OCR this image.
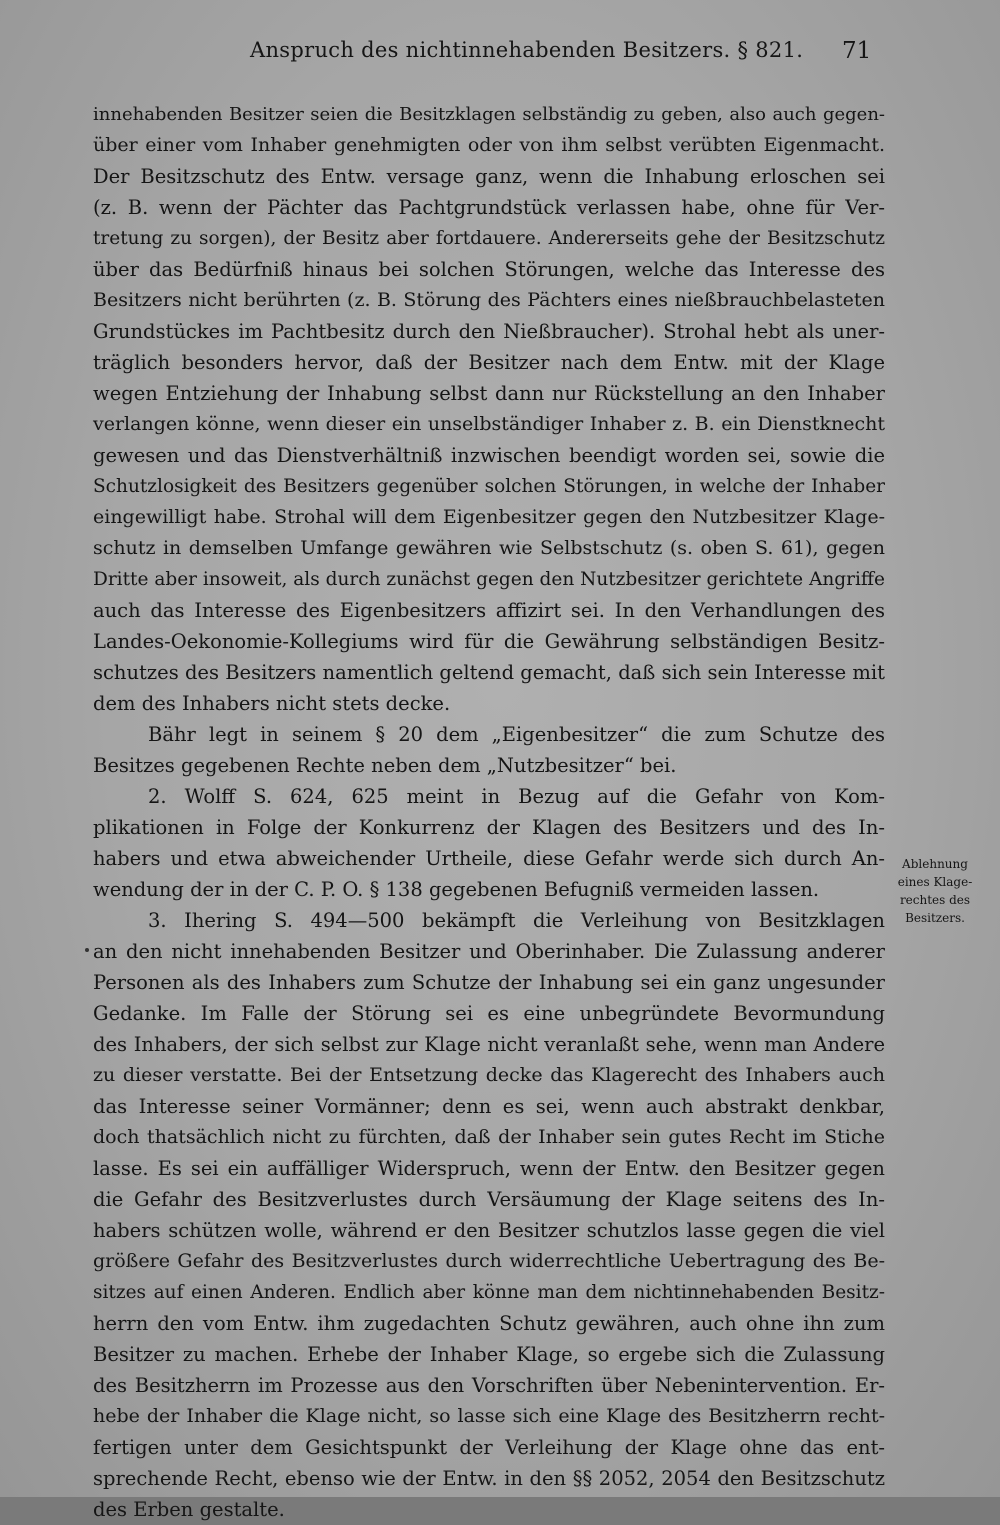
Anspruch des nichtinnehabenden Besitzers. § 821. 71
innehabenden Besitzer seien die Besitzklagen selbständig zu geben, also auch gegen-
über einer vom Inhaber genehmigten oder von ihm selbst verübten Eigenmacht.
Der Besitzschutz des Entw. versage ganz, wenn die Inhabung erloschen sei
(z. B. wenn der Pächter das Pachtgrundstück verlassen habe, ohne für Ver-
tretung zu sorgen), der Besitz aber fortdauere. Andererseits gehe der Besitzschutz
über das Bedürfniß hinaus bei solchen Störungen, welche das Interesse des
Besitzers nicht berührten (z. B. Störung des Pächters eines nießbrauchbelasteten
Grundstückes im Pachtbesitz durch den Nießbraucher). Strohal hebt als uner-
träglich besonders hervor, daß der Besitzer nach dem Entw. mit der Klage
wegen Entziehung der Inhabung selbst dann nur Rückstellung an den Inhaber
verlangen könne, wenn dieser ein unselbständiger Inhaber z. B. ein Dienstknecht
gewesen und das Dienstverhältniß inzwischen beendigt worden sei, sowie die
Schutzlosigkeit des Besitzers gegenüber solchen Störungen, in welche der Inhaber
eingewilligt habe. Strohal will dem Eigenbesitzer gegen den Nutzbesitzer Klage-
schutz in demselben Umfange gewähren wie Selbstschutz (s. oben S. 61), gegen
Dritte aber insoweit, als durch zunächst gegen den Nutzbesitzer gerichtete Angriffe
auch das Interesse des Eigenbesitzers affizirt sei. In den Verhandlungen des
Landes-Oekonomie-Kollegiums wird für die Gewährung selbständigen Besitz-
schutzes des Besitzers namentlich geltend gemacht, daß sich sein Interesse mit
dem des Inhabers nicht stets decke.
Bähr legt in seinem § 20 dem „Eigenbesitzer“ die zum Schutze des
Besitzes gegebenen Rechte neben dem „Nutzbesitzer“ bei.
2. Wolff S. 624, 625 meint in Bezug auf die Gefahr von Kom-
plikationen in Folge der Konkurrenz der Klagen des Besitzers und des In-
habers und etwa abweichender Urtheile, diese Gefahr werde sich durch An-
wendung der in der C. P. O. § 138 gegebenen Befugniß vermeiden lassen.
3. Ihering S. 494—500 bekämpft die Verleihung von Besitzklagen
an den nicht innehabenden Besitzer und Oberinhaber. Die Zulassung anderer
Personen als des Inhabers zum Schutze der Inhabung sei ein ganz ungesunder
Gedanke. Im Falle der Störung sei es eine unbegründete Bevormundung
des Inhabers, der sich selbst zur Klage nicht veranlaßt sehe, wenn man Andere
zu dieser verstatte. Bei der Entsetzung decke das Klagerecht des Inhabers auch
das Interesse seiner Vormänner; denn es sei, wenn auch abstrakt denkbar,
doch thatsächlich nicht zu fürchten, daß der Inhaber sein gutes Recht im Stiche
lasse. Es sei ein auffälliger Widerspruch, wenn der Entw. den Besitzer gegen
die Gefahr des Besitzverlustes durch Versäumung der Klage seitens des In-
habers schützen wolle, während er den Besitzer schutzlos lasse gegen die viel
größere Gefahr des Besitzverlustes durch widerrechtliche Uebertragung des Be-
sitzes auf einen Anderen. Endlich aber könne man dem nichtinnehabenden Besitz-
herrn den vom Entw. ihm zugedachten Schutz gewähren, auch ohne ihn zum
Besitzer zu machen. Erhebe der Inhaber Klage, so ergebe sich die Zulassung
des Besitzherrn im Prozesse aus den Vorschriften über Nebenintervention. Er-
hebe der Inhaber die Klage nicht, so lasse sich eine Klage des Besitzherrn recht-
fertigen unter dem Gesichtspunkt der Verleihung der Klage ohne das ent-
sprechende Recht, ebenso wie der Entw. in den §§ 2052, 2054 den Besitzschutz
des Erben gestalte.
Ablehnung
eines Klage-
rechtes des
Besitzers.
